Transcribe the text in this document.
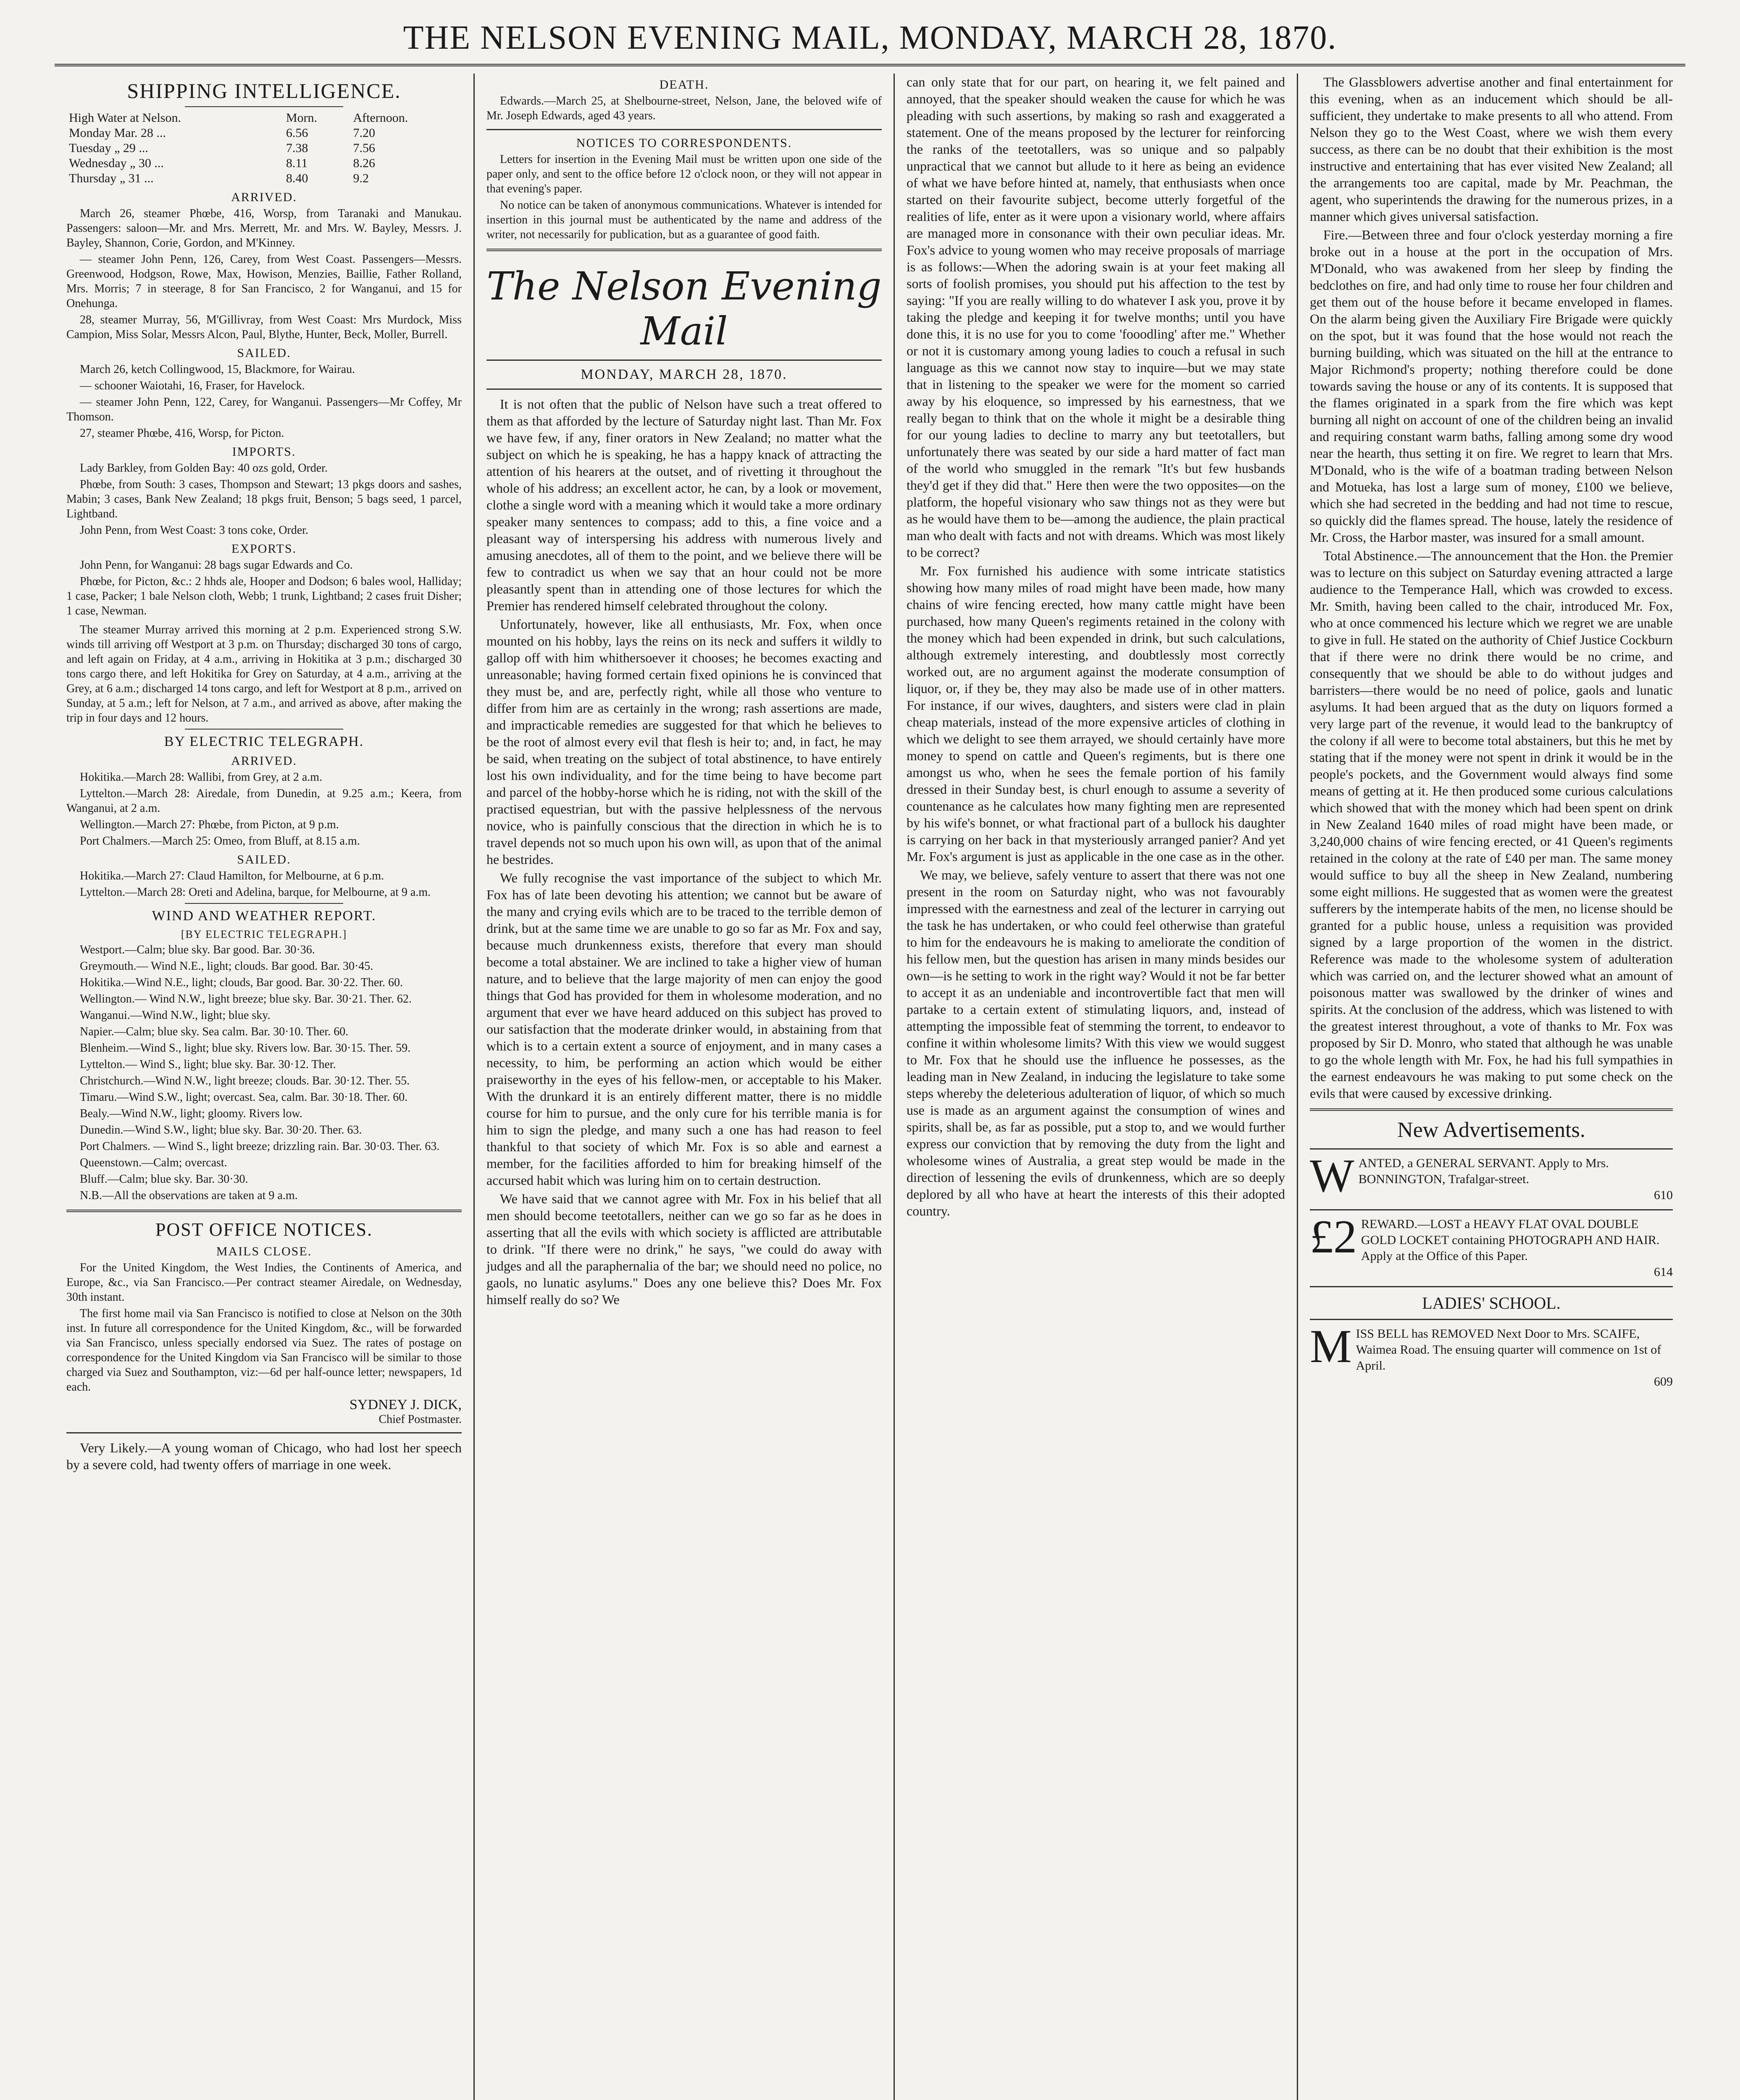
THE NELSON EVENING MAIL, MONDAY, MARCH 28, 1870.
SHIPPING INTELLIGENCE.
High Water at Nelson.	Morn.	Afternoon.
Monday Mar. 28 ...	6.56	7.20
Tuesday „ 29 ...	7.38	7.56
Wednesday „ 30 ...	8.11	8.26
Thursday „ 31 ...	8.40	9.2
ARRIVED.

March 26, steamer Phœbe, 416, Worsp, from Taranaki and Manukau. Passengers: saloon—Mr. and Mrs. Merrett, Mr. and Mrs. W. Bayley, Messrs. J. Bayley, Shannon, Corie, Gordon, and M'Kinney.

— steamer John Penn, 126, Carey, from West Coast. Passengers—Messrs. Greenwood, Hodgson, Rowe, Max, Howison, Menzies, Baillie, Father Rolland, Mrs. Morris; 7 in steerage, 8 for San Francisco, 2 for Wanganui, and 15 for Onehunga.

28, steamer Murray, 56, M'Gillivray, from West Coast: Mrs Murdock, Miss Campion, Miss Solar, Messrs Alcon, Paul, Blythe, Hunter, Beck, Moller, Burrell.

SAILED.

March 26, ketch Collingwood, 15, Blackmore, for Wairau.

— schooner Waiotahi, 16, Fraser, for Havelock.

— steamer John Penn, 122, Carey, for Wanganui. Passengers—Mr Coffey, Mr Thomson.

27, steamer Phœbe, 416, Worsp, for Picton.

IMPORTS.

Lady Barkley, from Golden Bay: 40 ozs gold, Order.

Phœbe, from South: 3 cases, Thompson and Stewart; 13 pkgs doors and sashes, Mabin; 3 cases, Bank New Zealand; 18 pkgs fruit, Benson; 5 bags seed, 1 parcel, Lightband.

John Penn, from West Coast: 3 tons coke, Order.

EXPORTS.

John Penn, for Wanganui: 28 bags sugar Edwards and Co.

Phœbe, for Picton, &c.: 2 hhds ale, Hooper and Dodson; 6 bales wool, Halliday; 1 case, Packer; 1 bale Nelson cloth, Webb; 1 trunk, Lightband; 2 cases fruit Disher; 1 case, Newman.

The steamer Murray arrived this morning at 2 p.m. Experienced strong S.W. winds till arriving off Westport at 3 p.m. on Thursday; discharged 30 tons of cargo, and left again on Friday, at 4 a.m., arriving in Hokitika at 3 p.m.; discharged 30 tons cargo there, and left Hokitika for Grey on Saturday, at 4 a.m., arriving at the Grey, at 6 a.m.; discharged 14 tons cargo, and left for Westport at 8 p.m., arrived on Sunday, at 5 a.m.; left for Nelson, at 7 a.m., and arrived as above, after making the trip in four days and 12 hours.

BY ELECTRIC TELEGRAPH.
ARRIVED.

Hokitika.—March 28: Wallibi, from Grey, at 2 a.m.

Lyttelton.—March 28: Airedale, from Dunedin, at 9.25 a.m.; Keera, from Wanganui, at 2 a.m.

Wellington.—March 27: Phœbe, from Picton, at 9 p.m.

Port Chalmers.—March 25: Omeo, from Bluff, at 8.15 a.m.

SAILED.

Hokitika.—March 27: Claud Hamilton, for Melbourne, at 6 p.m.

Lyttelton.—March 28: Oreti and Adelina, barque, for Melbourne, at 9 a.m.

WIND AND WEATHER REPORT.
[BY ELECTRIC TELEGRAPH.]

Westport.—Calm; blue sky. Bar good. Bar. 30·36.

Greymouth.— Wind N.E., light; clouds. Bar good. Bar. 30·45.

Hokitika.—Wind N.E., light; clouds, Bar good. Bar. 30·22. Ther. 60.

Wellington.— Wind N.W., light breeze; blue sky. Bar. 30·21. Ther. 62.

Wanganui.—Wind N.W., light; blue sky.

Napier.—Calm; blue sky. Sea calm. Bar. 30·10. Ther. 60.

Blenheim.—Wind S., light; blue sky. Rivers low. Bar. 30·15. Ther. 59.

Lyttelton.— Wind S., light; blue sky. Bar. 30·12. Ther.

Christchurch.—Wind N.W., light breeze; clouds. Bar. 30·12. Ther. 55.

Timaru.—Wind S.W., light; overcast. Sea, calm. Bar. 30·18. Ther. 60.

Bealy.—Wind N.W., light; gloomy. Rivers low.

Dunedin.—Wind S.W., light; blue sky. Bar. 30·20. Ther. 63.

Port Chalmers. — Wind S., light breeze; drizzling rain. Bar. 30·03. Ther. 63.

Queenstown.—Calm; overcast.

Bluff.—Calm; blue sky. Bar. 30·30.

N.B.—All the observations are taken at 9 a.m.

POST OFFICE NOTICES.
MAILS CLOSE.

For the United Kingdom, the West Indies, the Continents of America, and Europe, &c., via San Francisco.—Per contract steamer Airedale, on Wednesday, 30th instant.

The first home mail via San Francisco is notified to close at Nelson on the 30th inst. In future all correspondence for the United Kingdom, &c., will be forwarded via San Francisco, unless specially endorsed via Suez. The rates of postage on correspondence for the United Kingdom via San Francisco will be similar to those charged via Suez and Southampton, viz:—6d per half-ounce letter; newspapers, 1d each.

SYDNEY J. DICK,
Chief Postmaster.

Very Likely.—A young woman of Chicago, who had lost her speech by a severe cold, had twenty offers of marriage in one week.

DEATH.

Edwards.—March 25, at Shelbourne-street, Nelson, Jane, the beloved wife of Mr. Joseph Edwards, aged 43 years.

NOTICES TO CORRESPONDENTS.

Letters for insertion in the Evening Mail must be written upon one side of the paper only, and sent to the office before 12 o'clock noon, or they will not appear in that evening's paper.

No notice can be taken of anonymous communications. Whatever is intended for insertion in this journal must be authenticated by the name and address of the writer, not necessarily for publication, but as a guarantee of good faith.

The Nelson Evening Mail
MONDAY, MARCH 28, 1870.

It is not often that the public of Nelson have such a treat offered to them as that afforded by the lecture of Saturday night last. Than Mr. Fox we have few, if any, finer orators in New Zealand; no matter what the subject on which he is speaking, he has a happy knack of attracting the attention of his hearers at the outset, and of rivetting it throughout the whole of his address; an excellent actor, he can, by a look or movement, clothe a single word with a meaning which it would take a more ordinary speaker many sentences to compass; add to this, a fine voice and a pleasant way of interspersing his address with numerous lively and amusing anecdotes, all of them to the point, and we believe there will be few to contradict us when we say that an hour could not be more pleasantly spent than in attending one of those lectures for which the Premier has rendered himself celebrated throughout the colony.

Unfortunately, however, like all enthusiasts, Mr. Fox, when once mounted on his hobby, lays the reins on its neck and suffers it wildly to gallop off with him whithersoever it chooses; he becomes exacting and unreasonable; having formed certain fixed opinions he is convinced that they must be, and are, perfectly right, while all those who venture to differ from him are as certainly in the wrong; rash assertions are made, and impracticable remedies are suggested for that which he believes to be the root of almost every evil that flesh is heir to; and, in fact, he may be said, when treating on the subject of total abstinence, to have entirely lost his own individuality, and for the time being to have become part and parcel of the hobby-horse which he is riding, not with the skill of the practised equestrian, but with the passive helplessness of the nervous novice, who is painfully conscious that the direction in which he is to travel depends not so much upon his own will, as upon that of the animal he bestrides.

We fully recognise the vast importance of the subject to which Mr. Fox has of late been devoting his attention; we cannot but be aware of the many and crying evils which are to be traced to the terrible demon of drink, but at the same time we are unable to go so far as Mr. Fox and say, because much drunkenness exists, therefore that every man should become a total abstainer. We are inclined to take a higher view of human nature, and to believe that the large majority of men can enjoy the good things that God has provided for them in wholesome moderation, and no argument that ever we have heard adduced on this subject has proved to our satisfaction that the moderate drinker would, in abstaining from that which is to a certain extent a source of enjoyment, and in many cases a necessity, to him, be performing an action which would be either praiseworthy in the eyes of his fellow-men, or acceptable to his Maker. With the drunkard it is an entirely different matter, there is no middle course for him to pursue, and the only cure for his terrible mania is for him to sign the pledge, and many such a one has had reason to feel thankful to that society of which Mr. Fox is so able and earnest a member, for the facilities afforded to him for breaking himself of the accursed habit which was luring him on to certain destruction.

We have said that we cannot agree with Mr. Fox in his belief that all men should become teetotallers, neither can we go so far as he does in asserting that all the evils with which society is afflicted are attributable to drink. "If there were no drink," he says, "we could do away with judges and all the paraphernalia of the bar; we should need no police, no gaols, no lunatic asylums." Does any one believe this? Does Mr. Fox himself really do so? We

can only state that for our part, on hearing it, we felt pained and annoyed, that the speaker should weaken the cause for which he was pleading with such assertions, by making so rash and exaggerated a statement. One of the means proposed by the lecturer for reinforcing the ranks of the teetotallers, was so unique and so palpably unpractical that we cannot but allude to it here as being an evidence of what we have before hinted at, namely, that enthusiasts when once started on their favourite subject, become utterly forgetful of the realities of life, enter as it were upon a visionary world, where affairs are managed more in consonance with their own peculiar ideas. Mr. Fox's advice to young women who may receive proposals of marriage is as follows:—When the adoring swain is at your feet making all sorts of foolish promises, you should put his affection to the test by saying: "If you are really willing to do whatever I ask you, prove it by taking the pledge and keeping it for twelve months; until you have done this, it is no use for you to come 'fooodling' after me." Whether or not it is customary among young ladies to couch a refusal in such language as this we cannot now stay to inquire—but we may state that in listening to the speaker we were for the moment so carried away by his eloquence, so impressed by his earnestness, that we really began to think that on the whole it might be a desirable thing for our young ladies to decline to marry any but teetotallers, but unfortunately there was seated by our side a hard matter of fact man of the world who smuggled in the remark "It's but few husbands they'd get if they did that." Here then were the two opposites—on the platform, the hopeful visionary who saw things not as they were but as he would have them to be—among the audience, the plain practical man who dealt with facts and not with dreams. Which was most likely to be correct?

Mr. Fox furnished his audience with some intricate statistics showing how many miles of road might have been made, how many chains of wire fencing erected, how many cattle might have been purchased, how many Queen's regiments retained in the colony with the money which had been expended in drink, but such calculations, although extremely interesting, and doubtlessly most correctly worked out, are no argument against the moderate consumption of liquor, or, if they be, they may also be made use of in other matters. For instance, if our wives, daughters, and sisters were clad in plain cheap materials, instead of the more expensive articles of clothing in which we delight to see them arrayed, we should certainly have more money to spend on cattle and Queen's regiments, but is there one amongst us who, when he sees the female portion of his family dressed in their Sunday best, is churl enough to assume a severity of countenance as he calculates how many fighting men are represented by his wife's bonnet, or what fractional part of a bullock his daughter is carrying on her back in that mysteriously arranged panier? And yet Mr. Fox's argument is just as applicable in the one case as in the other.

We may, we believe, safely venture to assert that there was not one present in the room on Saturday night, who was not favourably impressed with the earnestness and zeal of the lecturer in carrying out the task he has undertaken, or who could feel otherwise than grateful to him for the endeavours he is making to ameliorate the condition of his fellow men, but the question has arisen in many minds besides our own—is he setting to work in the right way? Would it not be far better to accept it as an undeniable and incontrovertible fact that men will partake to a certain extent of stimulating liquors, and, instead of attempting the impossible feat of stemming the torrent, to endeavor to confine it within wholesome limits? With this view we would suggest to Mr. Fox that he should use the influence he possesses, as the leading man in New Zealand, in inducing the legislature to take some steps whereby the deleterious adulteration of liquor, of which so much use is made as an argument against the consumption of wines and spirits, shall be, as far as possible, put a stop to, and we would further express our conviction that by removing the duty from the light and wholesome wines of Australia, a great step would be made in the direction of lessening the evils of drunkenness, which are so deeply deplored by all who have at heart the interests of this their adopted country.

The Glassblowers advertise another and final entertainment for this evening, when as an inducement which should be all-sufficient, they undertake to make presents to all who attend. From Nelson they go to the West Coast, where we wish them every success, as there can be no doubt that their exhibition is the most instructive and entertaining that has ever visited New Zealand; all the arrangements too are capital, made by Mr. Peachman, the agent, who superintends the drawing for the numerous prizes, in a manner which gives universal satisfaction.

Fire.—Between three and four o'clock yesterday morning a fire broke out in a house at the port in the occupation of Mrs. M'Donald, who was awakened from her sleep by finding the bedclothes on fire, and had only time to rouse her four children and get them out of the house before it became enveloped in flames. On the alarm being given the Auxiliary Fire Brigade were quickly on the spot, but it was found that the hose would not reach the burning building, which was situated on the hill at the entrance to Major Richmond's property; nothing therefore could be done towards saving the house or any of its contents. It is supposed that the flames originated in a spark from the fire which was kept burning all night on account of one of the children being an invalid and requiring constant warm baths, falling among some dry wood near the hearth, thus setting it on fire. We regret to learn that Mrs. M'Donald, who is the wife of a boatman trading between Nelson and Motueka, has lost a large sum of money, £100 we believe, which she had secreted in the bedding and had not time to rescue, so quickly did the flames spread. The house, lately the residence of Mr. Cross, the Harbor master, was insured for a small amount.

Total Abstinence.—The announcement that the Hon. the Premier was to lecture on this subject on Saturday evening attracted a large audience to the Temperance Hall, which was crowded to excess. Mr. Smith, having been called to the chair, introduced Mr. Fox, who at once commenced his lecture which we regret we are unable to give in full. He stated on the authority of Chief Justice Cockburn that if there were no drink there would be no crime, and consequently that we should be able to do without judges and barristers—there would be no need of police, gaols and lunatic asylums. It had been argued that as the duty on liquors formed a very large part of the revenue, it would lead to the bankruptcy of the colony if all were to become total abstainers, but this he met by stating that if the money were not spent in drink it would be in the people's pockets, and the Government would always find some means of getting at it. He then produced some curious calculations which showed that with the money which had been spent on drink in New Zealand 1640 miles of road might have been made, or 3,240,000 chains of wire fencing erected, or 41 Queen's regiments retained in the colony at the rate of £40 per man. The same money would suffice to buy all the sheep in New Zealand, numbering some eight millions. He suggested that as women were the greatest sufferers by the intemperate habits of the men, no license should be granted for a public house, unless a requisition was provided signed by a large proportion of the women in the district. Reference was made to the wholesome system of adulteration which was carried on, and the lecturer showed what an amount of poisonous matter was swallowed by the drinker of wines and spirits. At the conclusion of the address, which was listened to with the greatest interest throughout, a vote of thanks to Mr. Fox was proposed by Sir D. Monro, who stated that although he was unable to go the whole length with Mr. Fox, he had his full sympathies in the earnest endeavours he was making to put some check on the evils that were caused by excessive drinking.

New Advertisements.
W ANTED, a GENERAL SERVANT. Apply to Mrs. BONNINGTON, Trafalgar-street.
610
£2 REWARD.—LOST a HEAVY FLAT OVAL DOUBLE GOLD LOCKET containing PHOTOGRAPH AND HAIR. Apply at the Office of this Paper.
614
LADIES' SCHOOL.
M ISS BELL has REMOVED Next Door to Mrs. SCAIFE, Waimea Road. The ensuing quarter will commence on 1st of April.
609
